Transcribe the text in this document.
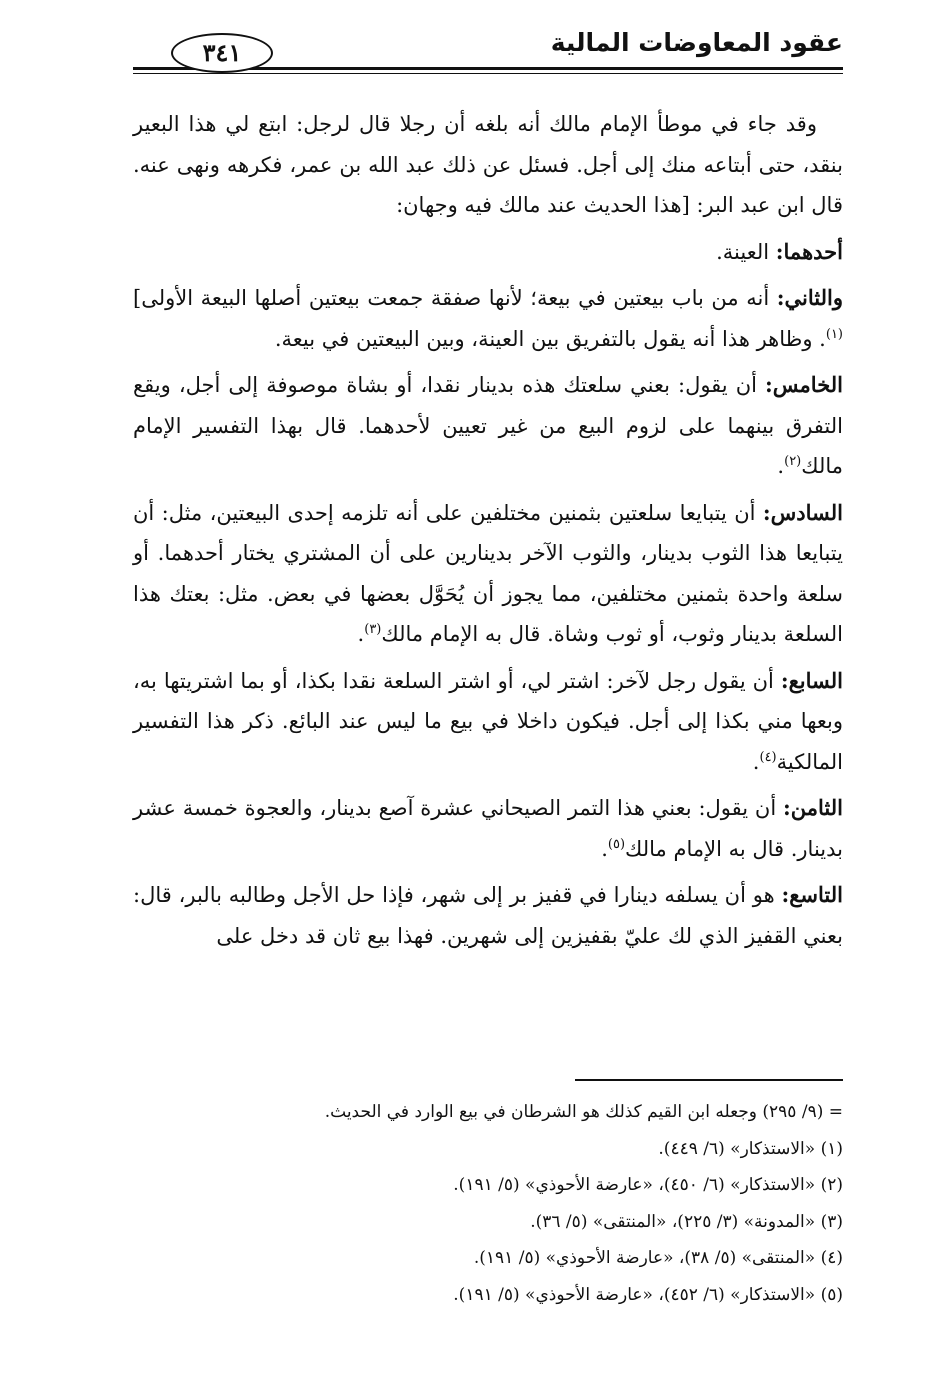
عقود المعاوضات المالية
٣٤١

وقد جاء في موطأ الإمام مالك أنه بلغه أن رجلا قال لرجل: ابتع لي هذا البعير بنقد، حتى أبتاعه منك إلى أجل. فسئل عن ذلك عبد الله بن عمر، فكرهه ونهى عنه. قال ابن عبد البر: [هذا الحديث عند مالك فيه وجهان:

أحدهما: العينة.

والثاني: أنه من باب بيعتين في بيعة؛ لأنها صفقة جمعت بيعتين أصلها البيعة الأولى]$^{(١)}$. وظاهر هذا أنه يقول بالتفريق بين العينة، وبين البيعتين في بيعة.

الخامس: أن يقول: بعني سلعتك هذه بدينار نقدا، أو بشاة موصوفة إلى أجل، ويقع التفرق بينهما على لزوم البيع من غير تعيين لأحدهما. قال بهذا التفسير الإمام مالك$^{(٢)}$.

السادس: أن يتبايعا سلعتين بثمنين مختلفين على أنه تلزمه إحدى البيعتين، مثل: أن يتبايعا هذا الثوب بدينار، والثوب الآخر بدينارين على أن المشتري يختار أحدهما. أو سلعة واحدة بثمنين مختلفين، مما يجوز أن يُحَوَّل بعضها في بعض. مثل: بعتك هذا السلعة بدينار وثوب، أو ثوب وشاة. قال به الإمام مالك$^{(٣)}$.

السابع: أن يقول رجل لآخر: اشتر لي، أو اشتر السلعة نقدا بكذا، أو بما اشتريتها به، وبعها مني بكذا إلى أجل. فيكون داخلا في بيع ما ليس عند البائع. ذكر هذا التفسير المالكية$^{(٤)}$.

الثامن: أن يقول: بعني هذا التمر الصيحاني عشرة آصع بدينار، والعجوة خمسة عشر بدينار. قال به الإمام مالك$^{(٥)}$.

التاسع: هو أن يسلفه دينارا في قفيز بر إلى شهر، فإذا حل الأجل وطالبه بالبر، قال: بعني القفيز الذي لك عليّ بقفيزين إلى شهرين. فهذا بيع ثان قد دخل على

= (٩/ ٢٩٥) وجعله ابن القيم كذلك هو الشرطان في بيع الوارد في الحديث.

(١) «الاستذكار» (٦/ ٤٤٩).

(٢) «الاستذكار» (٦/ ٤٥٠)، «عارضة الأحوذي» (٥/ ١٩١).

(٣) «المدونة» (٣/ ٢٢٥)، «المنتقى» (٥/ ٣٦).

(٤) «المنتقى» (٥/ ٣٨)، «عارضة الأحوذي» (٥/ ١٩١).

(٥) «الاستذكار» (٦/ ٤٥٢)، «عارضة الأحوذي» (٥/ ١٩١).
